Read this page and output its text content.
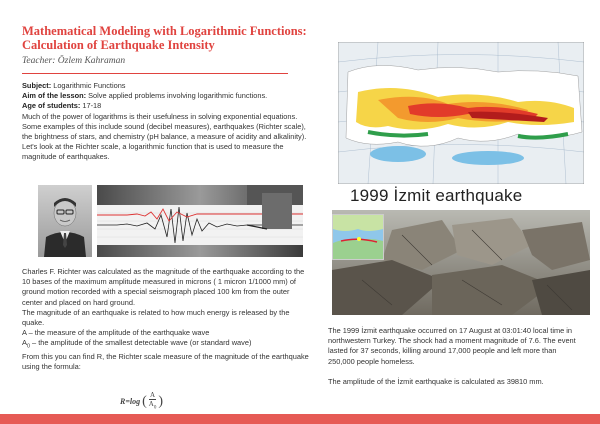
Mathematical Modeling with Logarithmic Functions: Calculation of Earthquake Intensity
Teacher: Özlem Kahraman
Subject: Logarithmic Functions
Aim of the lesson: Solve applied problems involving logarithmic functions.
Age of students: 17-18
Much of the power of logarithms is their usefulness in solving exponential equations. Some examples of this include sound (decibel measures), earthquakes (Richter scale), the brightness of stars, and chemistry (pH balance, a measure of acidity and alkalinity). Let's look at the Richter scale, a logarithmic function that is used to measure the magnitude of earthquakes.

Charles F. Richter was calculated as the magnitude of the earthquake according to the 10 bases of the maximum amplitude measured in microns ( 1 micron 1/1000 mm) of ground motion recorded with a special seismograph placed 100 km from the outer center and placed on hard ground.

The magnitude of an earthquake is related to how much energy is released by the quake.

A – the measure of the amplitude of the earthquake wave

$A_0$ – the amplitude of the smallest detectable wave (or standard wave)

From this you can find R, the Richter scale measure of the magnitude of the earthquake using the formula:

R=log ( $\frac{A}{A_0}$ )
1999 İzmit earthquake

The 1999 İzmit earthquake occurred on 17 August at 03:01:40 local time in northwestern Turkey. The shock had a moment magnitude of 7.6. The event lasted for 37 seconds, killing around 17,000 people and left more than 250,000 people homeless.

The amplitude of the İzmit earthquake is calculated as 39810 mm.
